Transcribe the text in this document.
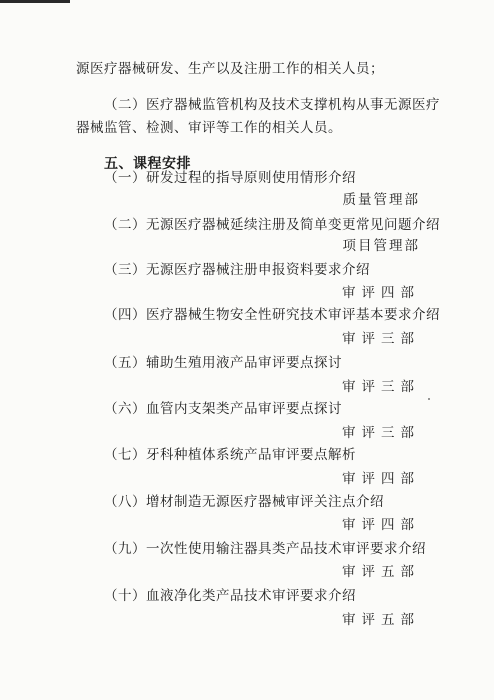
源医疗器械研发、生产以及注册工作的相关人员；
（二）医疗器械监管机构及技术支撑机构从事无源医疗
器械监管、检测、审评等工作的相关人员。
五、课程安排
（一）研发过程的指导原则使用情形介绍
质量管理部
（二）无源医疗器械延续注册及简单变更常见问题介绍
项目管理部
（三）无源医疗器械注册申报资料要求介绍
审评四部
（四）医疗器械生物安全性研究技术审评基本要求介绍
审评三部
（五）辅助生殖用液产品审评要点探讨
审评三部
（六）血管内支架类产品审评要点探讨
审评三部
（七）牙科种植体系统产品审评要点解析
审评四部
（八）增材制造无源医疗器械审评关注点介绍
审评四部
（九）一次性使用输注器具类产品技术审评要求介绍
审评五部
（十）血液净化类产品技术审评要求介绍
审评五部
